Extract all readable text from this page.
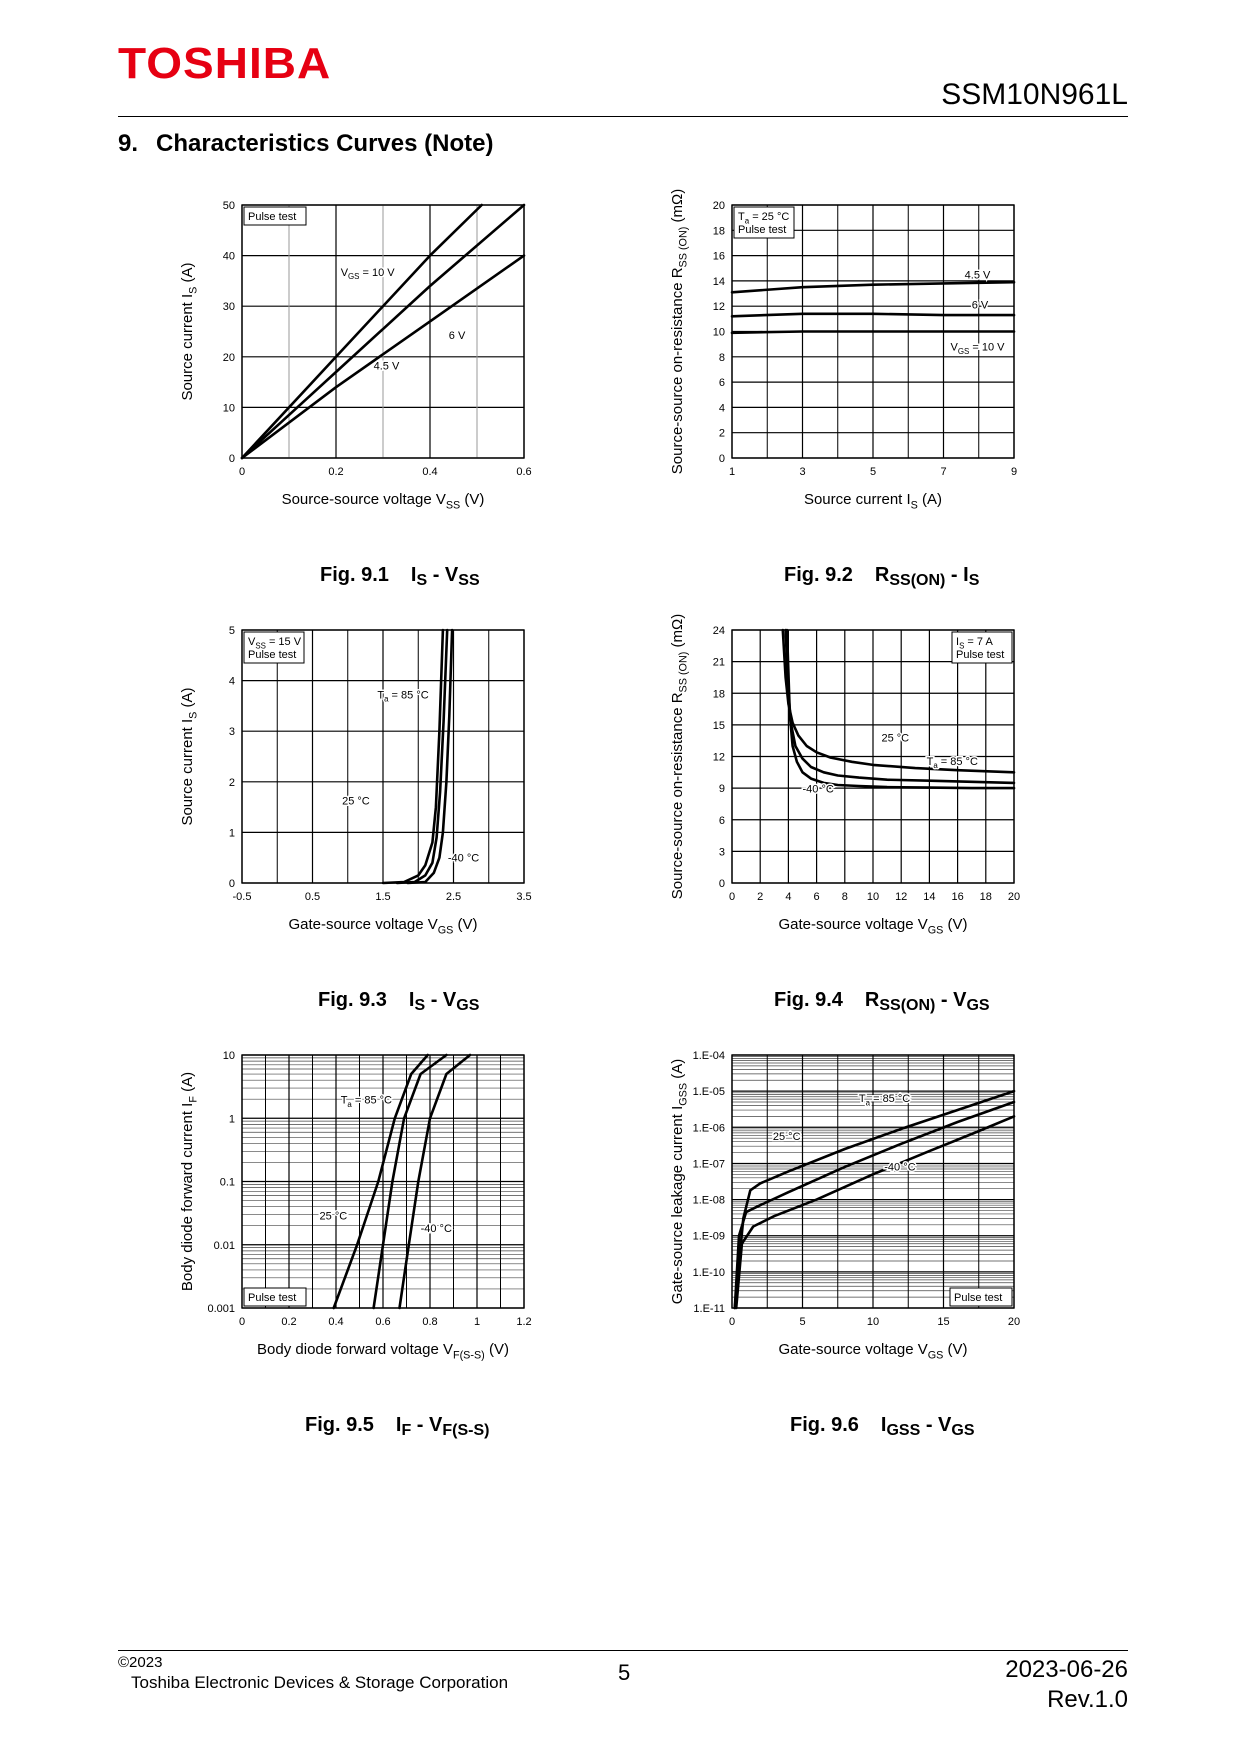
TOSHIBA
SSM10N961L
9. Characteristics Curves (Note)
0
10
20
30
40
50
0	0.2	0.4	0.6
Source-source voltage $V_{SS}$ (V)
Source current $I_S$ (A)	$V_{GS} = 10$ V
6 V
4.5 V
Pulse test
Fig. 9.1 $I_S - V_{SS}$
0
2
4
6
8
10
12
14
16
18
20
1	3	5	7	9
Source current $I_S$ (A)
Source-source on-resistance $R_{SS (ON)}$ (mΩ)
4.5 V
6 V
$V_{GS} = 10$ V
$T_a = 25$ °C
Pulse test
Fig. 9.2 $R_{SS(ON)} - I_S$
0
1
2
3
4
5
-0.5	0.5	1.5	2.5	3.5
Gate-source voltage $V_{GS}$ (V)
Source current $I_S$ (A)	$T_a = 85$ °C
25 °C
-40 °C
$V_{SS} = 15$ V
Pulse test
Fig. 9.3 $I_S - V_{GS}$
0
3
6
9
12
15
18
21
24
0 2 4 6 8 10 12 14 16 18 20
Gate-source voltage $V_{GS}$ (V)
Source-source on-resistance $R_{SS (ON)}$ (mΩ)
25 °C
$T_a = 85$ °C
-40 °C
$I_S = 7$ A
Pulse test
Fig. 9.4 $R_{SS(ON)} - V_{GS}$
0.001
0.01
0.1
1
10
0	0.2	0.4	0.6	0.8	1	1.2
Body diode forward voltage $V_{F(S-S)}$ (V)
Body diode forward current $I_F$ (A)
$T_a = 85$ °C
25 °C
-40 °C
Pulse test
Fig. 9.5 $I_F - V_{F(S-S)}$
1.E-11
1.E-10
1.E-09
1.E-08
1.E-07
1.E-06
1.E-05
1.E-04
0	5	10	15	20
Gate-source voltage $V_{GS}$ (V)
Gate-source leakage current $I_{GSS}$ (A)
$T_a = 85$ °C
25 °C
-40 °C
Pulse test
Fig. 9.6 $I_{GSS} - V_{GS}$
©2023
Toshiba Electronic Devices & Storage Corporation	5	2023-06-26
Rev.1.0
